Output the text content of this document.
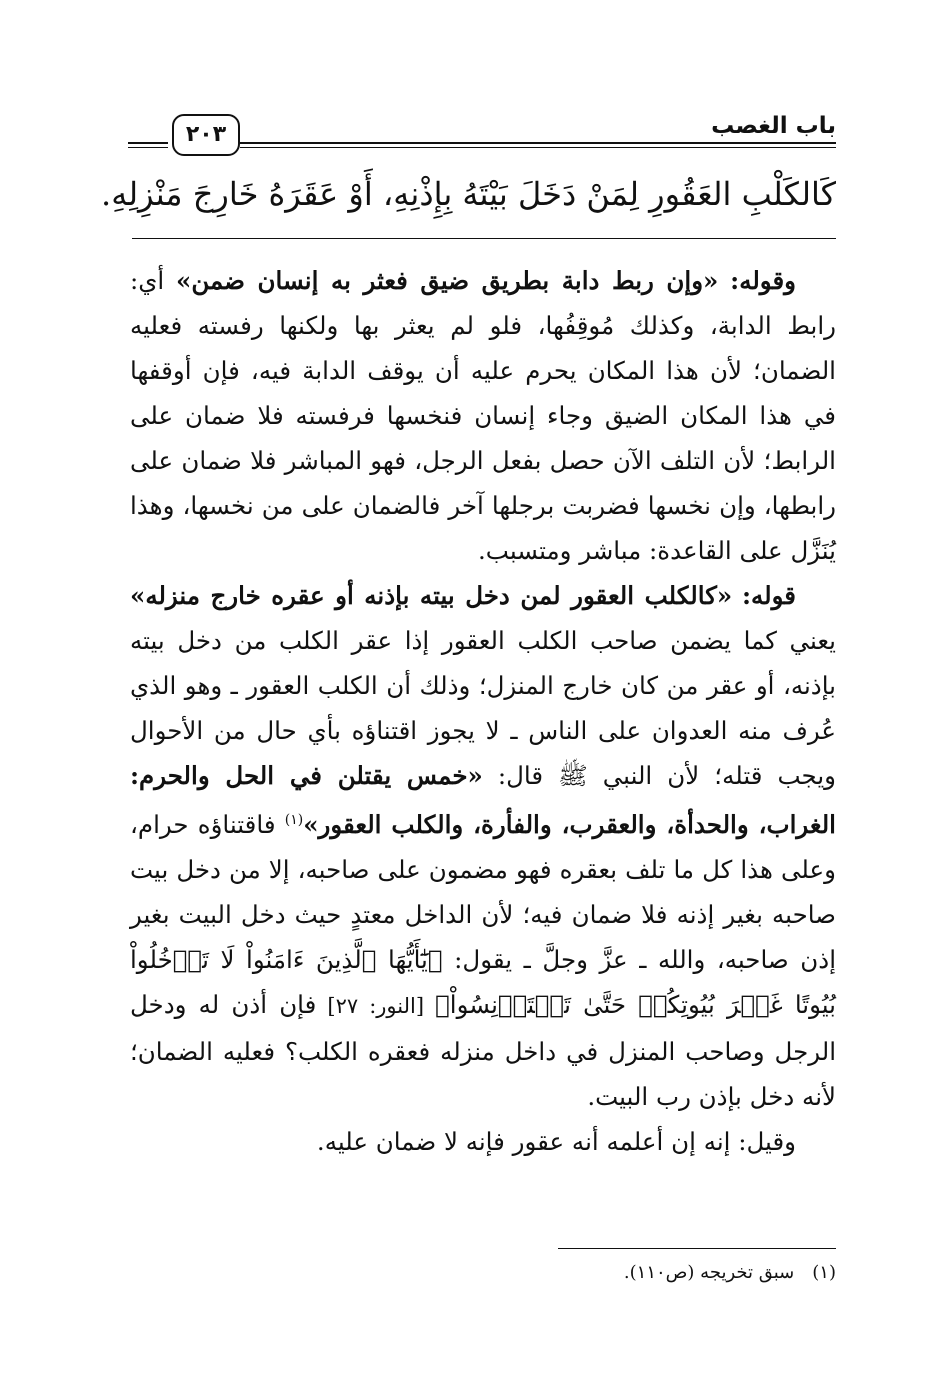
باب الغصب
٢٠٣
كَالكَلْبِ العَقُورِ لِمَنْ دَخَلَ بَيْتَهُ بِإِذْنِهِ، أَوْ عَقَرَهُ خَارِجَ مَنْزِلِهِ.

وقوله: «وإن ربط دابة بطريق ضيق فعثر به إنسان ضمن» أي: رابط الدابة، وكذلك مُوقِفُها، فلو لم يعثر بها ولكنها رفسته فعليه الضمان؛ لأن هذا المكان يحرم عليه أن يوقف الدابة فيه، فإن أوقفها في هذا المكان الضيق وجاء إنسان فنخسها فرفسته فلا ضمان على الرابط؛ لأن التلف الآن حصل بفعل الرجل، فهو المباشر فلا ضمان على رابطها، وإن نخسها فضربت برجلها آخر فالضمان على من نخسها، وهذا يُنَزَّل على القاعدة: مباشر ومتسبب.

قوله: «كالكلب العقور لمن دخل بيته بإذنه أو عقره خارج منزله» يعني كما يضمن صاحب الكلب العقور إذا عقر الكلب من دخل بيته بإذنه، أو عقر من كان خارج المنزل؛ وذلك أن الكلب العقور ـ وهو الذي عُرف منه العدوان على الناس ـ لا يجوز اقتناؤه بأي حال من الأحوال ويجب قتله؛ لأن النبي ﷺ قال: «خمس يقتلن في الحل والحرم: الغراب، والحدأة، والعقرب، والفأرة، والكلب العقور»$^{(١)}$ فاقتناؤه حرام، وعلى هذا كل ما تلف بعقره فهو مضمون على صاحبه، إلا من دخل بيت صاحبه بغير إذنه فلا ضمان فيه؛ لأن الداخل معتدٍ حيث دخل البيت بغير إذن صاحبه، والله ـ عزَّ وجلَّ ـ يقول: ﴿يَٰٓأَيُّهَا ٱلَّذِينَ ءَامَنُواْ لَا تَدۡخُلُواْ بُيُوتًا غَيۡرَ بُيُوتِكُمۡ حَتَّىٰ تَسۡتَأۡنِسُواْ﴾ [النور: ٢٧] فإن أذن له ودخل الرجل وصاحب المنزل في داخل منزله فعقره الكلب؟ فعليه الضمان؛ لأنه دخل بإذن رب البيت.

وقيل: إنه إن أعلمه أنه عقور فإنه لا ضمان عليه.

(١)سبق تخريجه (ص١١٠).
